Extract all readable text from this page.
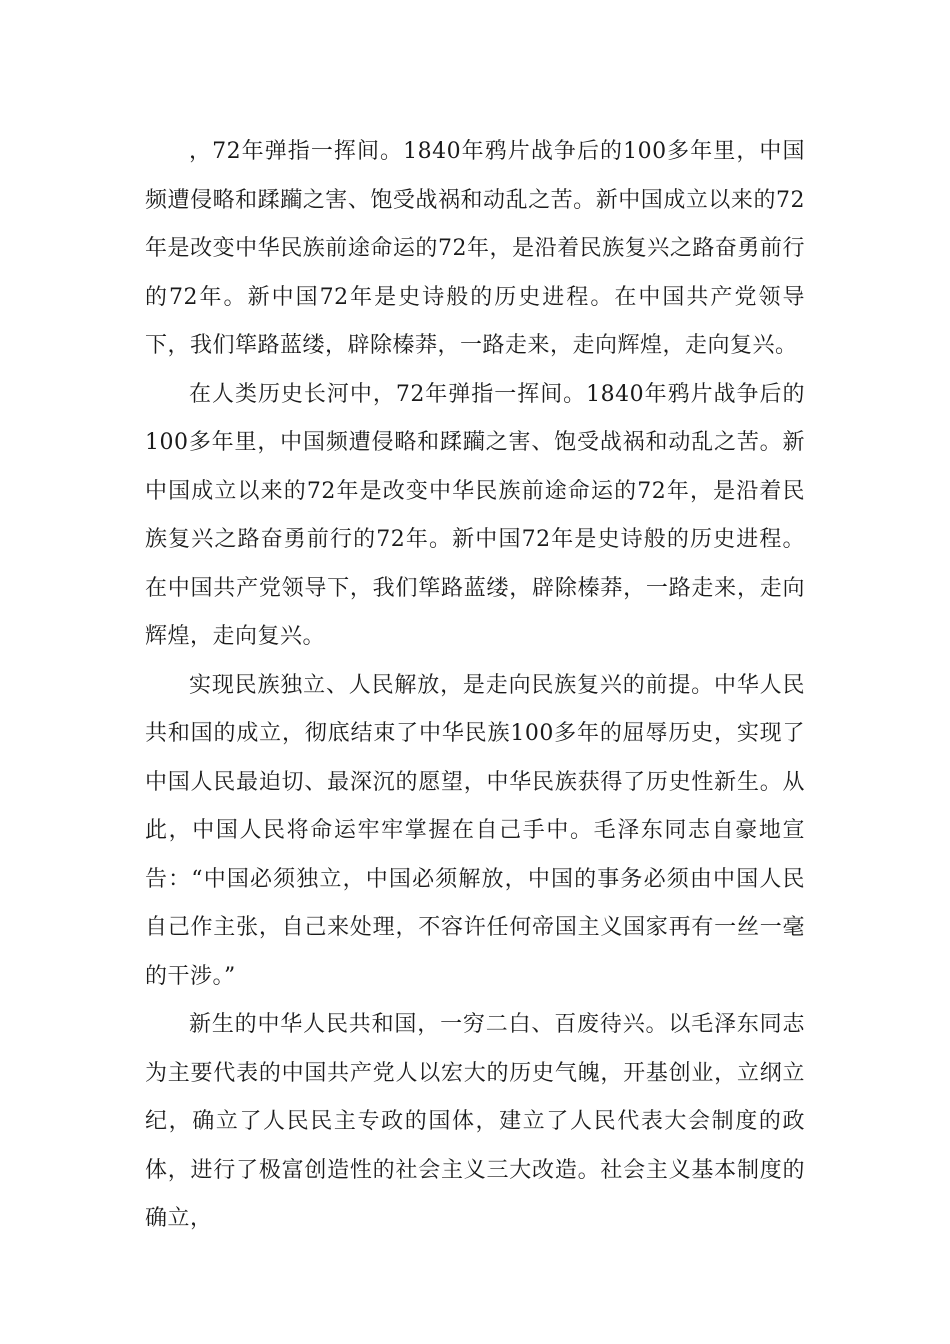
，72年弹指一挥间。1840年鸦片战争后的100多年里，中国频遭侵略和蹂躏之害、饱受战祸和动乱之苦。新中国成立以来的72年是改变中华民族前途命运的72年，是沿着民族复兴之路奋勇前行的72年。新中国72年是史诗般的历史进程。在中国共产党领导下，我们筚路蓝缕，辟除榛莽，一路走来，走向辉煌，走向复兴。

在人类历史长河中，72年弹指一挥间。1840年鸦片战争后的100多年里，中国频遭侵略和蹂躏之害、饱受战祸和动乱之苦。新中国成立以来的72年是改变中华民族前途命运的72年，是沿着民族复兴之路奋勇前行的72年。新中国72年是史诗般的历史进程。在中国共产党领导下，我们筚路蓝缕，辟除榛莽，一路走来，走向辉煌，走向复兴。

实现民族独立、人民解放，是走向民族复兴的前提。中华人民共和国的成立，彻底结束了中华民族100多年的屈辱历史，实现了中国人民最迫切、最深沉的愿望，中华民族获得了历史性新生。从此，中国人民将命运牢牢掌握在自己手中。毛泽东同志自豪地宣告：“中国必须独立，中国必须解放，中国的事务必须由中国人民自己作主张，自己来处理，不容许任何帝国主义国家再有一丝一毫的干涉。”

新生的中华人民共和国，一穷二白、百废待兴。以毛泽东同志为主要代表的中国共产党人以宏大的历史气魄，开基创业，立纲立纪，确立了人民民主专政的国体，建立了人民代表大会制度的政体，进行了极富创造性的社会主义三大改造。社会主义基本制度的确立，
